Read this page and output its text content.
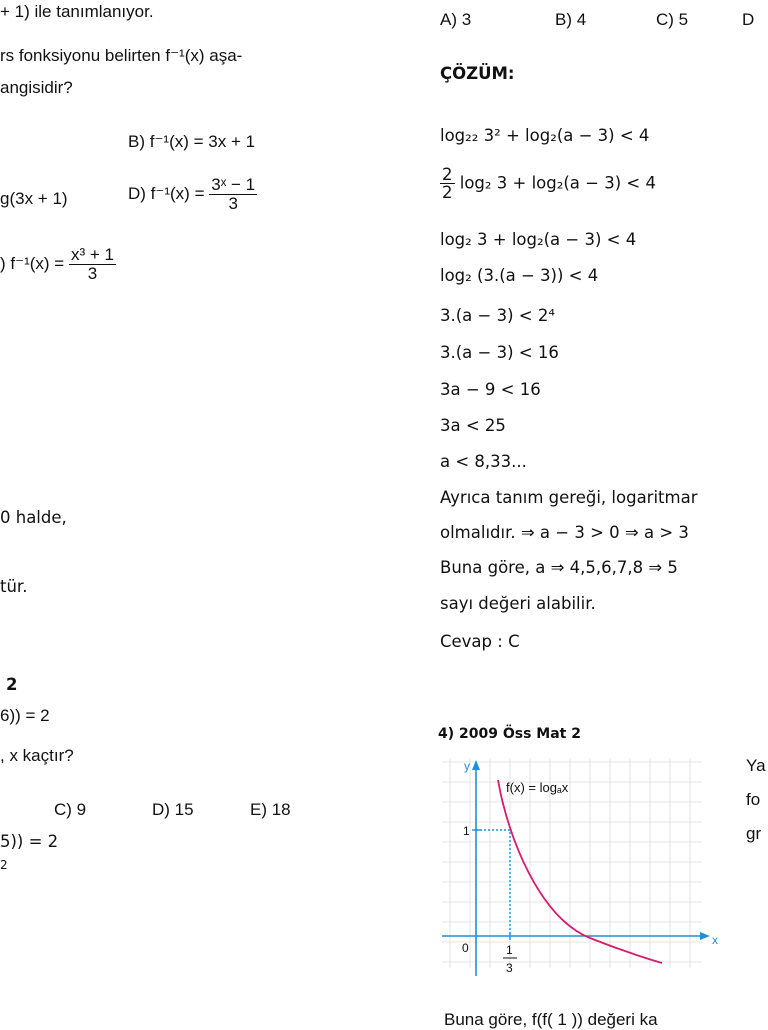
+ 1) ile tanımlanıyor.
rs fonksiyonu belirten f⁻¹(x) aşa-
angisidir?
B) f⁻¹(x) = 3x + 1
g(3x + 1)	D) $f^{-1}(x) = \frac{\text{3ˣ − 1}}{3}$
) $f^{-1}(x) = \frac{\text{x³ + 1}}{3}$
0 halde,
tür.
2
6)) = 2
, x kaçtır?
C) 9	D) 15	E) 18
5)) = 2
2
A) 3	B) 4	C) 5	D
ÇÖZÜM:
log₂₂ 3² + log₂(a − 3) < 4
$\frac{2}{2} \log_2$ 3 + log₂(a − 3) < 4
log₂ 3 + log₂(a − 3) < 4
log₂ (3.(a − 3)) < 4
3.(a − 3) < 2⁴
3.(a − 3) < 16
3a − 9 < 16
3a < 25
a < 8,33...
Ayrıca tanım gereği, logaritmar
olmalıdır. ⇒ a − 3 > 0 ⇒ a > 3
Buna göre, a ⇒ 4,5,6,7,8 ⇒ 5
sayı değeri alabilir.
Cevap : C
4) 2009 Öss Mat 2
Ya
fo
gr
f(x) = logₐx
y
x
0
1
1
3
Buna göre, f(f( 1 )) değeri ka
